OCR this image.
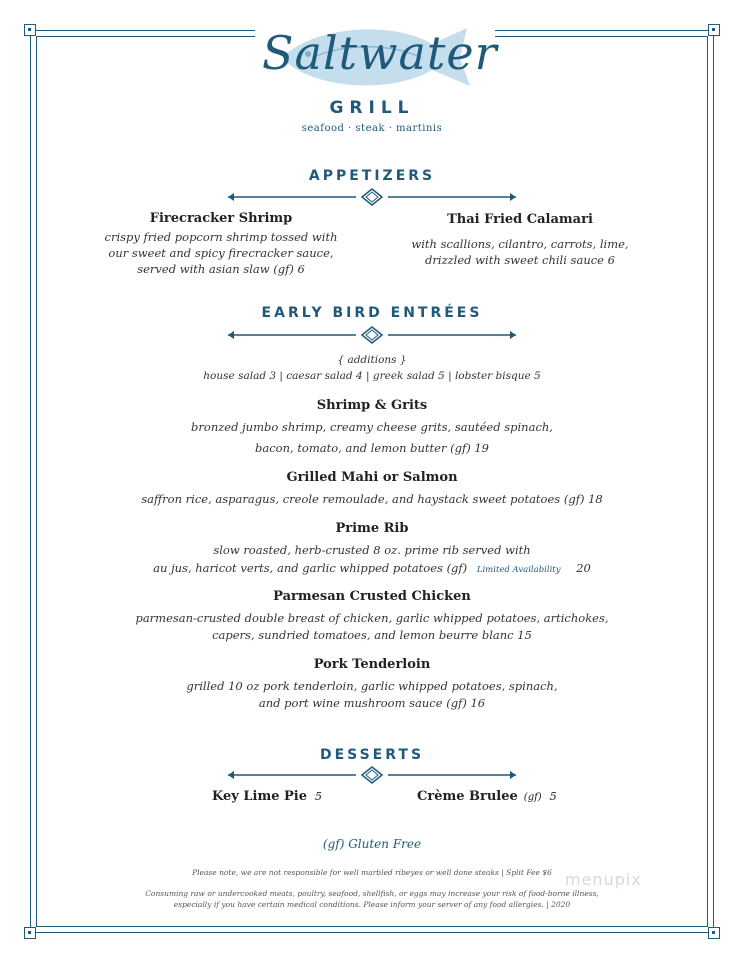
Saltwater
GRILL
seafood · steak · martinis
APPETIZERS
Firecracker Shrimp
crispy fried popcorn shrimp tossed with
our sweet and spicy firecracker sauce,
served with asian slaw (gf) 6
Thai Fried Calamari
with scallions, cilantro, carrots, lime,
drizzled with sweet chili sauce 6
EARLY BIRD ENTRÉES
{ additions }
house salad 3 | caesar salad 4 | greek salad 5 | lobster bisque 5
Shrimp & Grits
bronzed jumbo shrimp, creamy cheese grits, sautéed spinach,
bacon, tomato, and lemon butter (gf) 19
Grilled Mahi or Salmon
saffron rice, asparagus, creole remoulade, and haystack sweet potatoes (gf) 18
Prime Rib
slow roasted, herb-crusted 8 oz. prime rib served with
au jus, haricot verts, and garlic whipped potatoes (gf) Limited Availability 20
Parmesan Crusted Chicken
parmesan-crusted double breast of chicken, garlic whipped potatoes, artichokes,
capers, sundried tomatoes, and lemon beurre blanc 15
Pork Tenderloin
grilled 10 oz pork tenderloin, garlic whipped potatoes, spinach,
and port wine mushroom sauce (gf) 16
DESSERTS
Key Lime Pie 5	Crème Brulee (gf) 5
(gf) Gluten Free
Please note, we are not responsible for well marbled ribeyes or well done steaks | Split Fee $6
Consuming raw or undercooked meats, poultry, seafood, shellfish, or eggs may increase your risk of food-borne illness,
especially if you have certain medical conditions. Please inform your server of any food allergies. | 2020
menupix
